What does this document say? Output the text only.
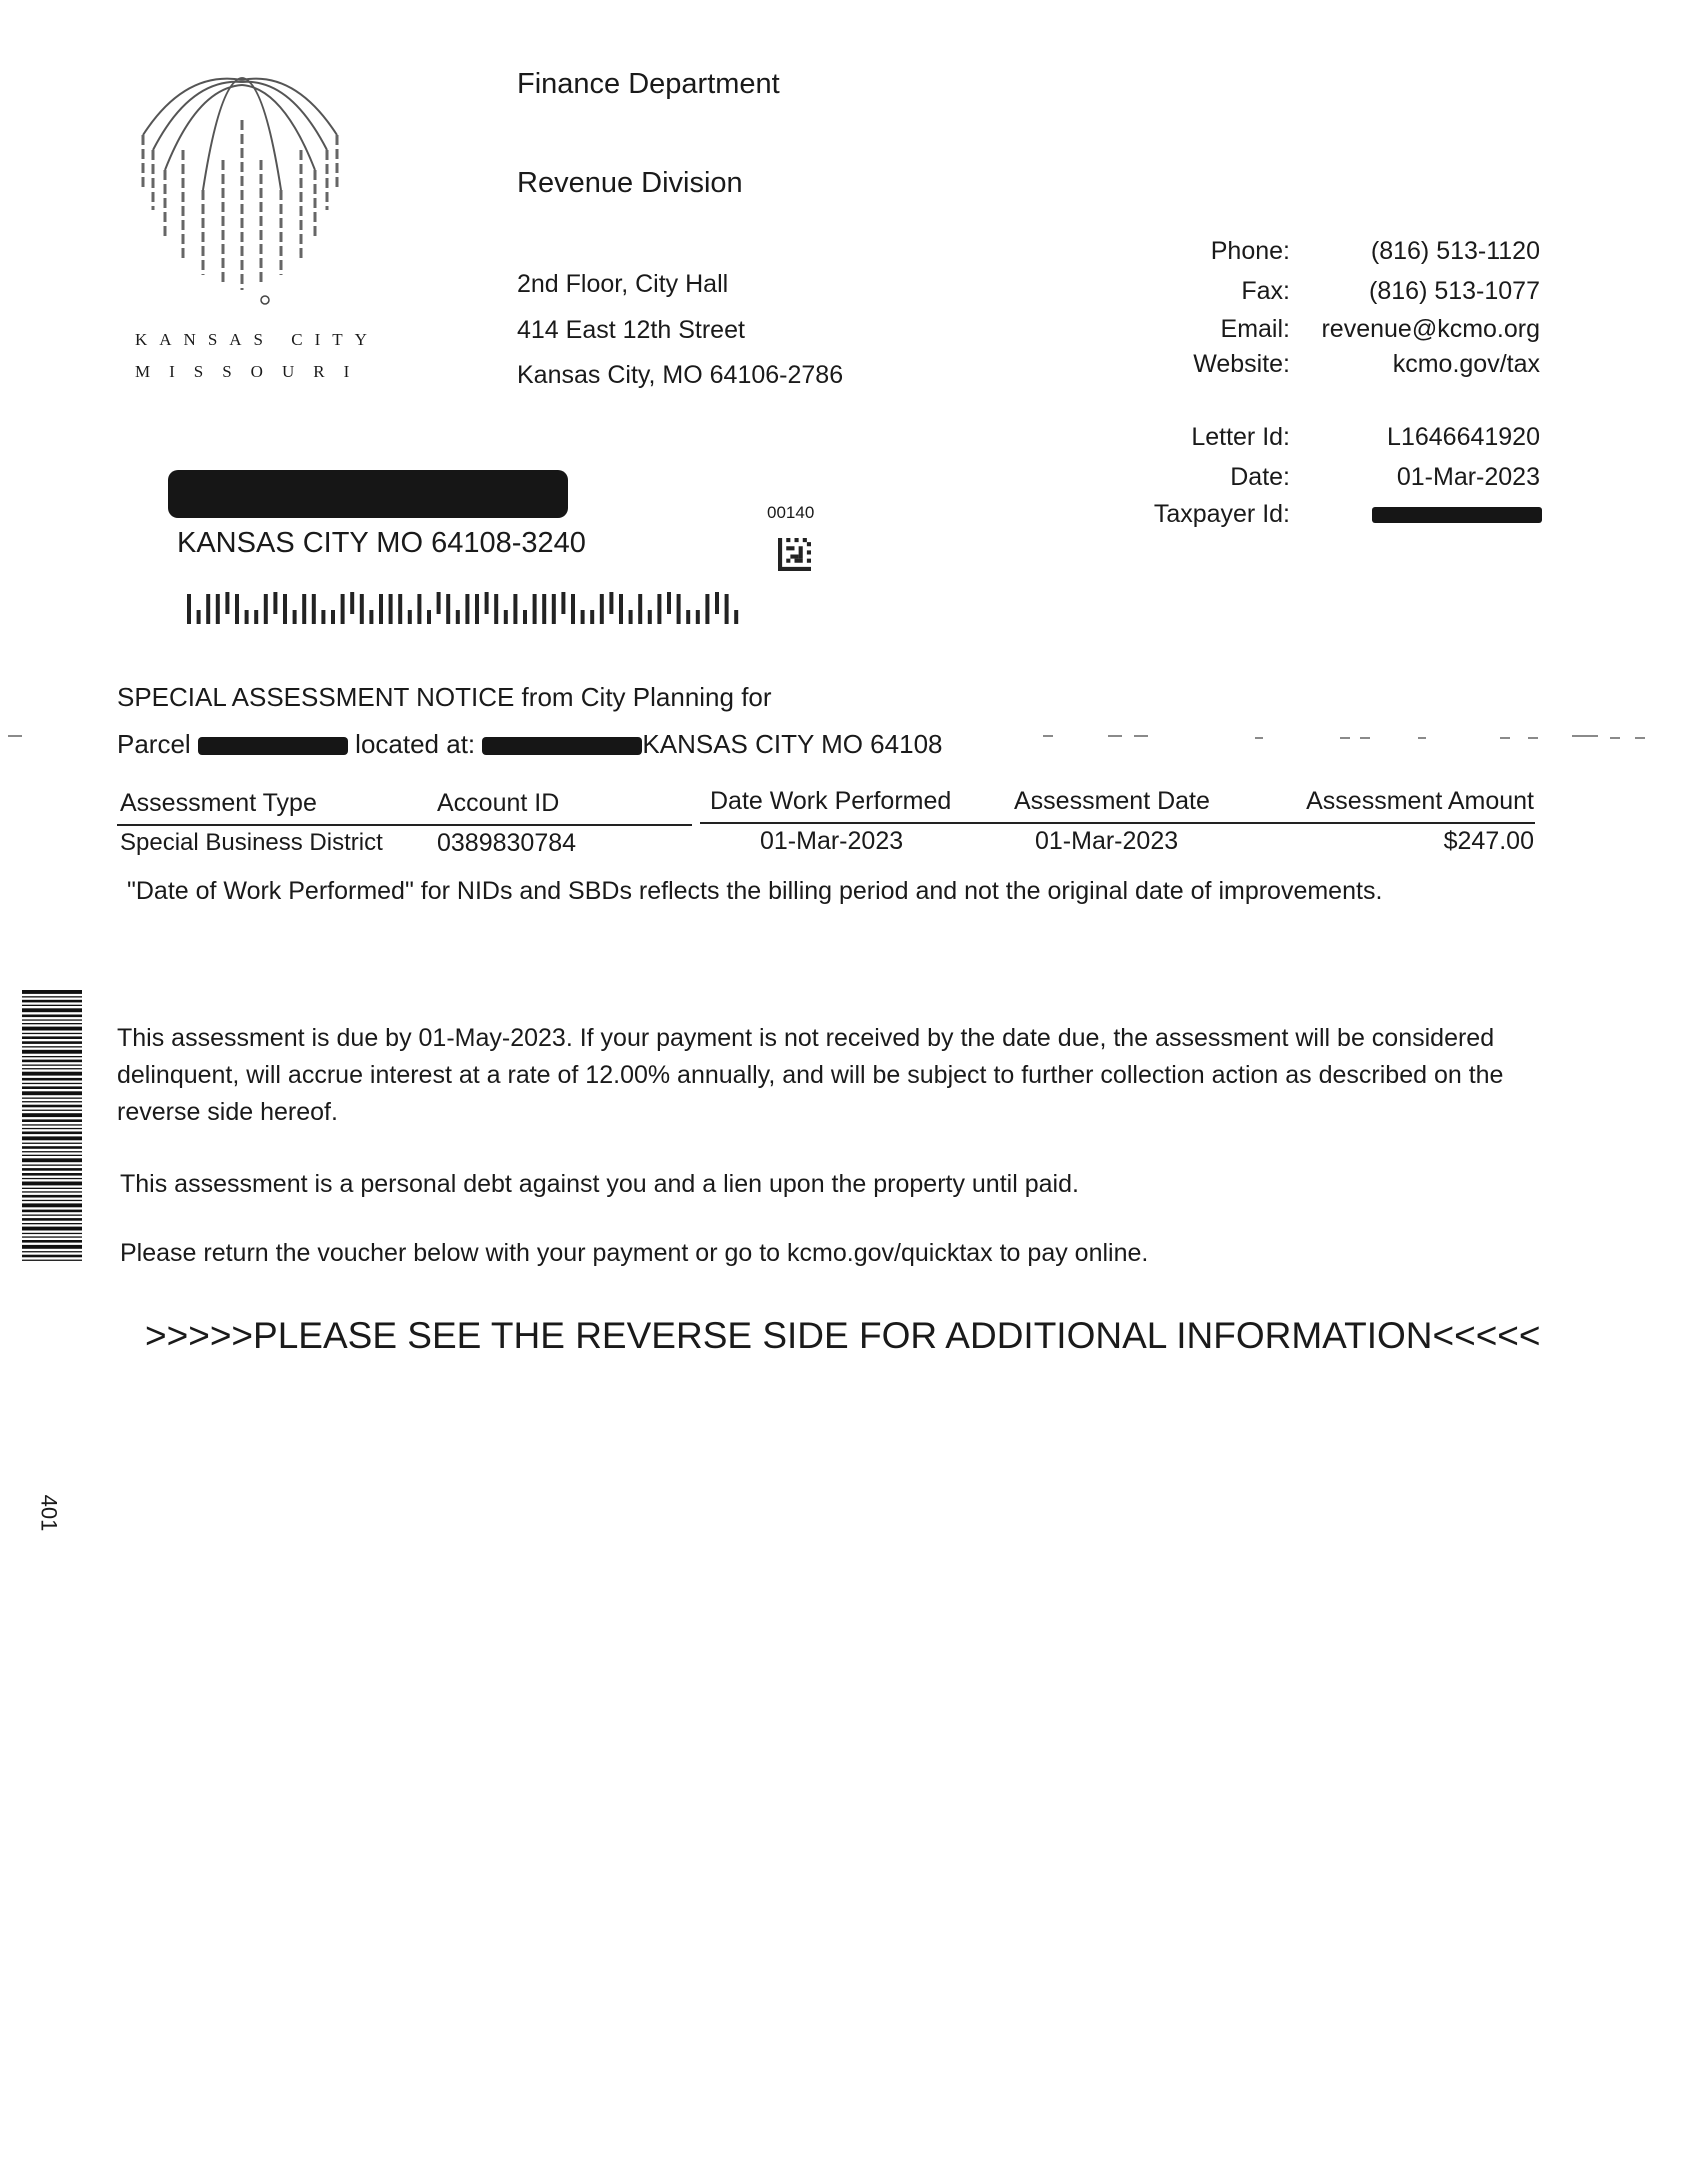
KANSAS CITY
MISSOURI
Finance Department
Revenue Division
2nd Floor, City Hall
414 East 12th Street
Kansas City, MO 64106-2786
Phone:	(816) 513-1120
Fax:	(816) 513-1077
Email:	revenue@kcmo.org
Website:	kcmo.gov/tax
Letter Id:	L1646641920
Date:	01-Mar-2023
Taxpayer Id:
KANSAS CITY MO 64108-3240
00140
SPECIAL ASSESSMENT NOTICE from City Planning for
Parcel	located at:	KANSAS CITY MO 64108
Assessment Type	Account ID	Date Work Performed	Assessment Date	Assessment Amount
Special Business District 0389830784	01-Mar-2023	01-Mar-2023	$247.00
"Date of Work Performed" for NIDs and SBDs reflects the billing period and not the original date of improvements.
This assessment is due by 01-May-2023. If your payment is not received by the date due, the assessment will be considered delinquent, will accrue interest at a rate of 12.00% annually, and will be subject to further collection action as described on the reverse side hereof.
This assessment is a personal debt against you and a lien upon the property until paid.
Please return the voucher below with your payment or go to kcmo.gov/quicktax to pay online.
>>>>>PLEASE SEE THE REVERSE SIDE FOR ADDITIONAL INFORMATION<<<<<
401
